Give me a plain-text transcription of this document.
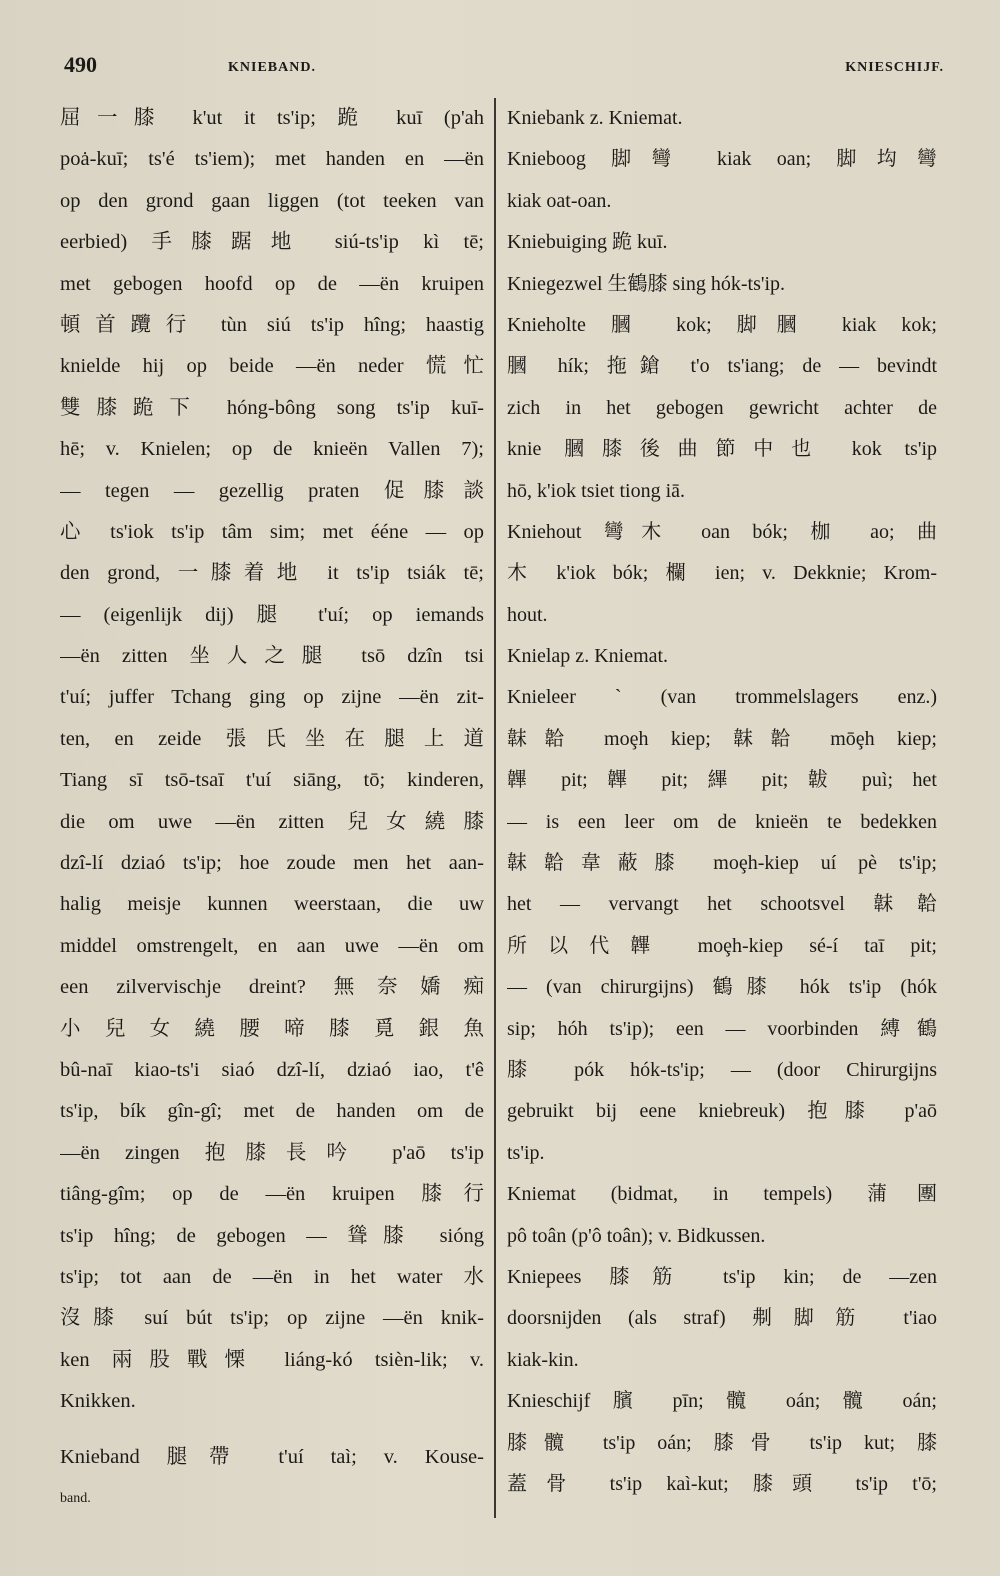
490	KNIEBAND.	KNIESCHIJF.
屈一膝 k'ut it ts'ip; 跪 kuī (p'ah
poȧ-kuī; ts'é ts'iem); met handen en —ën
op den grond gaan liggen (tot teeken van
eerbied) 手膝踞地 siú-ts'ip kì tē;
met gebogen hoofd op de —ën kruipen
頓首𨈇行 tùn siú ts'ip hîng; haastig
knielde hij op beide —ën neder 慌忙
雙膝跪下 hóng-bông song ts'ip kuī-
hē; v. Knielen; op de knieën Vallen 7);
— tegen — gezellig praten 促膝談
心 ts'iok ts'ip tâm sim; met ééne — op
den grond, 一膝着地 it ts'ip tsiák tē;
— (eigenlijk dij) 腿 t'uí; op iemands
—ën zitten 坐人之腿 tsō dzîn tsi
t'uí; juffer Tchang ging op zijne —ën zit-
ten, en zeide 張氏坐在腿上道
Tiang sī tsō-tsaī t'uí siāng, tō; kinderen,
die om uwe —ën zitten 兒女繞膝
dzî-lí dziaó ts'ip; hoe zoude men het aan-
halig meisje kunnen weerstaan, die uw
middel omstrengelt, en aan uwe —ën om
een zilvervischje dreint? 無奈嬌痴
小兒女繞腰啼膝覓銀魚
bû-naī kiao-ts'i siaó dzî-lí, dziaó iao, t'ê
ts'ip, bík gîn-gî; met de handen om de
—ën zingen 抱膝長吟 p'aō ts'ip
tiâng-gîm; op de —ën kruipen 膝行
ts'ip hîng; de gebogen — 聳膝 sióng
ts'ip; tot aan de —ën in het water 水
沒膝 suí bút ts'ip; op zijne —ën knik-
ken 兩股戰慄 liáng-kó tsièn-lik; v.
Knikken.
Knieband 腿帶 t'uí taì; v. Kouse-
band.
Kniebank z. Kniemat.
Knieboog 脚彎 kiak oan; 脚㘬彎
kiak oat-oan.
Kniebuiging 跪 kuī.
Kniegezwel 生鶴膝 sing hók-ts'ip.
Knieholte 膕 kok; 脚膕 kiak kok;
膕 hík; 拖鎗 t'o ts'iang; de — bevindt
zich in het gebogen gewricht achter de
knie 膕膝後曲節中也 kok ts'ip
hō, k'iok tsiet tiong iā.
Kniehout 彎木 oan bók; 枷 ao; 曲
木 k'iok bók; 欄 ien; v. Dekknie; Krom-
hout.
Knielap z. Kniemat.
Knieleer ` (van trommelslagers enz.)
韎韐 moȩh kiep; 韎韐 mōȩh kiep;
韠 pit; 韠 pit; 縪 pit; 韍 puì; het
— is een leer om de knieën te bedekken
韎韐韋蔽膝 moȩh-kiep uí pè ts'ip;
het — vervangt het schootsvel 韎韐
所以代韠 moȩh-kiep sé-í taī pit;
— (van chirurgijns) 鶴膝 hók ts'ip (hók
sip; hóh ts'ip); een — voorbinden 縛鶴
膝 pók hók-ts'ip; — (door Chirurgijns
gebruikt bij eene kniebreuk) 抱膝 p'aō
ts'ip.
Kniemat (bidmat, in tempels) 蒲團
pô toân (p'ô toân); v. Bidkussen.
Kniepees 膝筋 ts'ip kin; de —zen
doorsnijden (als straf) 刜脚筋 t'iao
kiak-kin.
Knieschijf 臏 pīn; 髖 oán; 髖 oán;
膝髖 ts'ip oán; 膝骨 ts'ip kut; 膝
蓋骨 ts'ip kaì-kut; 膝頭 ts'ip t'ō;
